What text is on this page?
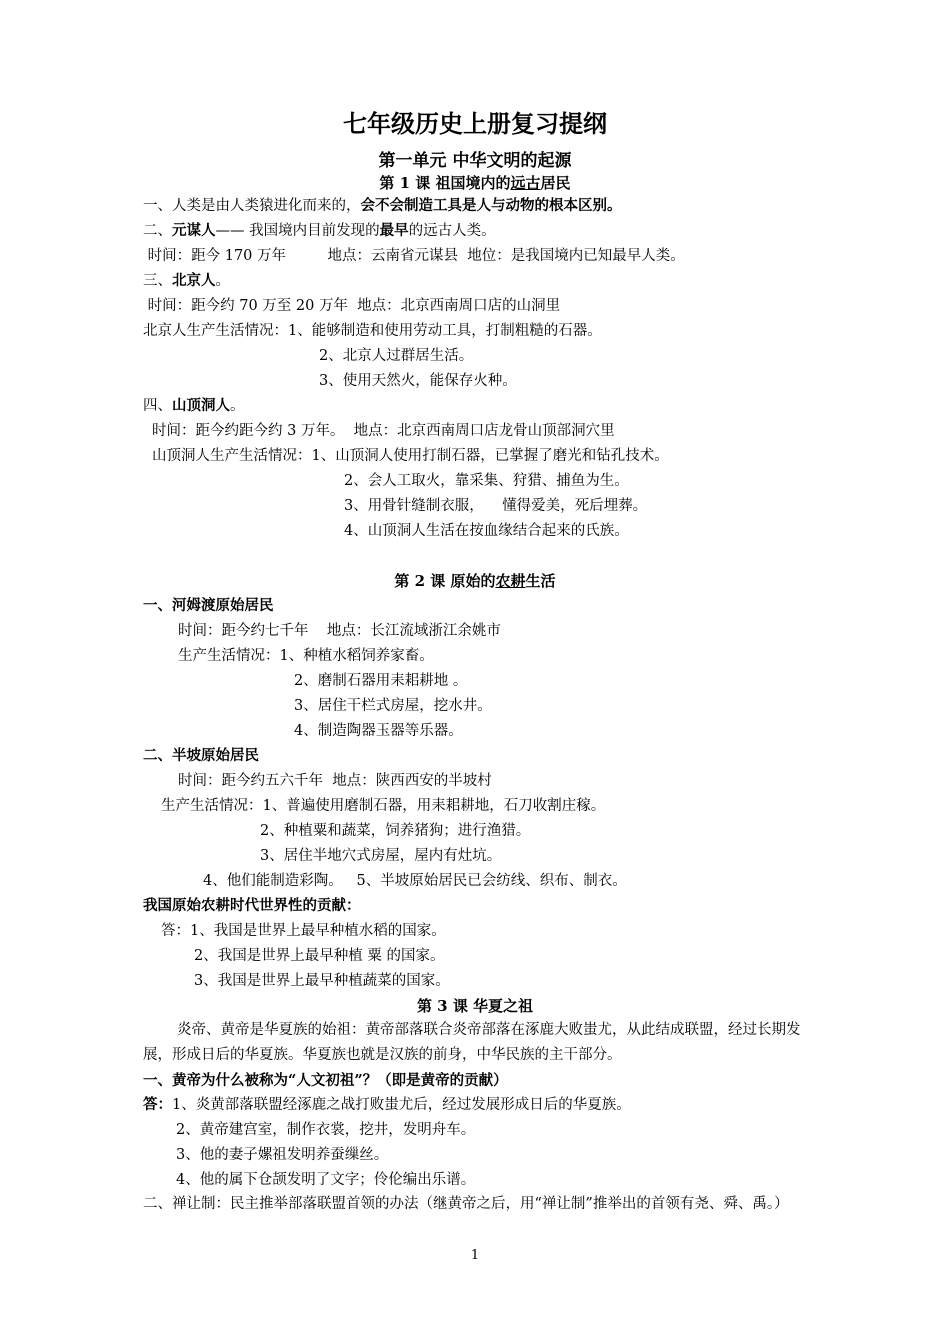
七年级历史上册复习提纲
第一单元 中华文明的起源
第 1 课 祖国境内的远古居民
一、人类是由人类猿进化而来的，会不会制造工具是人与动物的根本区别。
二、元谋人—— 我国境内目前发现的最早的远古人类。
时间：距今 170 万年         地点：云南省元谋县  地位：是我国境内已知最早人类。
三、北京人。
时间：距今约 70 万至 20 万年  地点：北京西南周口店的山洞里
北京人生产生活情况：1、能够制造和使用劳动工具，打制粗糙的石器。
2、北京人过群居生活。
3、使用天然火，能保存火种。
四、山顶洞人。
时间：距今约距今约 3 万年。  地点：北京西南周口店龙骨山顶部洞穴里
山顶洞人生产生活情况：1、山顶洞人使用打制石器，已掌握了磨光和钻孔技术。
2、会人工取火，靠采集、狩猎、捕鱼为生。
3、用骨针缝制衣服，    懂得爱美，死后埋葬。
4、山顶洞人生活在按血缘结合起来的氏族。
第 2 课 原始的农耕生活
一、河姆渡原始居民
时间：距今约七千年    地点：长江流域浙江余姚市
生产生活情况：1、种植水稻饲养家畜。
2、磨制石器用耒耜耕地 。
3、居住干栏式房屋，挖水井。
4、制造陶器玉器等乐器。
二、半坡原始居民
时间：距今约五六千年  地点：陕西西安的半坡村
生产生活情况：1、普遍使用磨制石器，用耒耜耕地，石刀收割庄稼。
2、种植粟和蔬菜，饲养猪狗；进行渔猎。
3、居住半地穴式房屋，屋内有灶坑。
4、他们能制造彩陶。   5、半坡原始居民已会纺线、织布、制衣。
我国原始农耕时代世界性的贡献：
答：1、我国是世界上最早种植水稻的国家。
2、我国是世界上最早种植 粟 的国家。
3、我国是世界上最早种植蔬菜的国家。
第 3 课 华夏之祖
炎帝、黄帝是华夏族的始祖：黄帝部落联合炎帝部落在涿鹿大败蚩尤，从此结成联盟，经过长期发展，形成日后的华夏族。华夏族也就是汉族的前身，中华民族的主干部分。
一、黄帝为什么被称为“人文初祖”？（即是黄帝的贡献）
答：1、炎黄部落联盟经涿鹿之战打败蚩尤后，经过发展形成日后的华夏族。
2、黄帝建宫室，制作衣裳，挖井，发明舟车。
3、他的妻子嫘祖发明养蚕缫丝。
4、他的属下仓颉发明了文字；伶伦编出乐谱。
二、禅让制：民主推举部落联盟首领的办法（继黄帝之后，用“禅让制”推举出的首领有尧、舜、禹。）
1
